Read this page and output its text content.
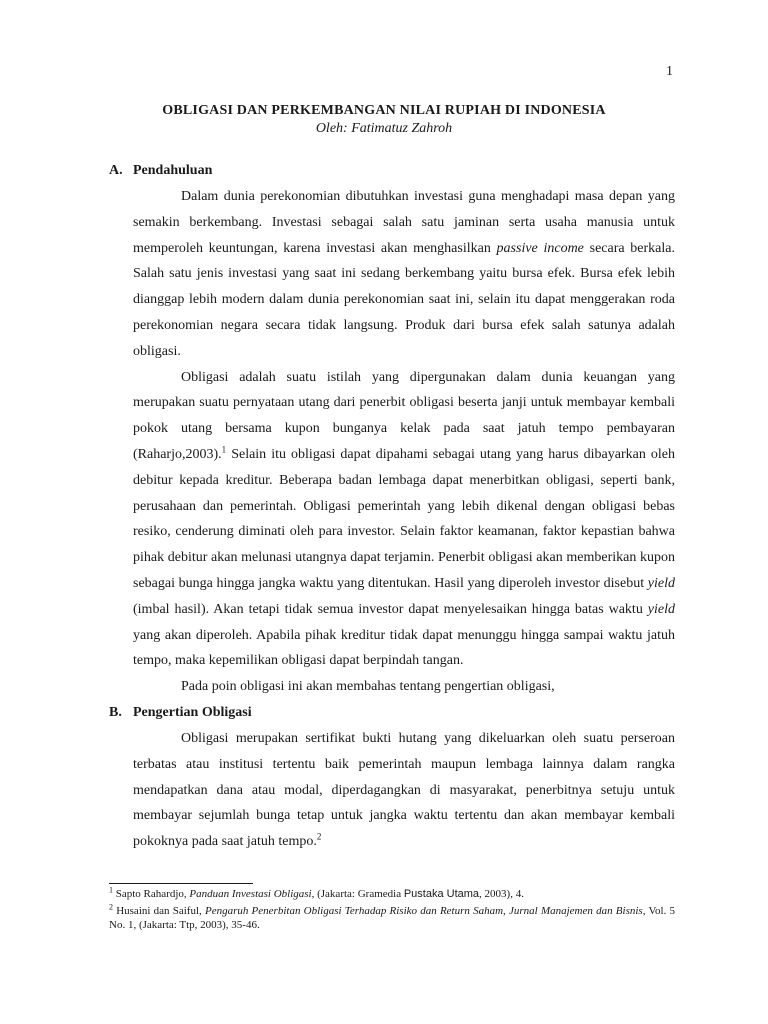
1
OBLIGASI DAN PERKEMBANGAN NILAI RUPIAH DI INDONESIA
Oleh: Fatimatuz Zahroh
A. Pendahuluan

Dalam dunia perekonomian dibutuhkan investasi guna menghadapi masa depan yang semakin berkembang. Investasi sebagai salah satu jaminan serta usaha manusia untuk memperoleh keuntungan, karena investasi akan menghasilkan passive income secara berkala. Salah satu jenis investasi yang saat ini sedang berkembang yaitu bursa efek. Bursa efek lebih dianggap lebih modern dalam dunia perekonomian saat ini, selain itu dapat menggerakan roda perekonomian negara secara tidak langsung. Produk dari bursa efek salah satunya adalah obligasi.

Obligasi adalah suatu istilah yang dipergunakan dalam dunia keuangan yang merupakan suatu pernyataan utang dari penerbit obligasi beserta janji untuk membayar kembali pokok utang bersama kupon bunganya kelak pada saat jatuh tempo pembayaran (Raharjo,2003).$^1$ Selain itu obligasi dapat dipahami sebagai utang yang harus dibayarkan oleh debitur kepada kreditur. Beberapa badan lembaga dapat menerbitkan obligasi, seperti bank, perusahaan dan pemerintah. Obligasi pemerintah yang lebih dikenal dengan obligasi bebas resiko, cenderung diminati oleh para investor. Selain faktor keamanan, faktor kepastian bahwa pihak debitur akan melunasi utangnya dapat terjamin. Penerbit obligasi akan memberikan kupon sebagai bunga hingga jangka waktu yang ditentukan. Hasil yang diperoleh investor disebut yield (imbal hasil). Akan tetapi tidak semua investor dapat menyelesaikan hingga batas waktu yield yang akan diperoleh. Apabila pihak kreditur tidak dapat menunggu hingga sampai waktu jatuh tempo, maka kepemilikan obligasi dapat berpindah tangan.

Pada poin obligasi ini akan membahas tentang pengertian obligasi,

B. Pengertian Obligasi

Obligasi merupakan sertifikat bukti hutang yang dikeluarkan oleh suatu perseroan terbatas atau institusi tertentu baik pemerintah maupun lembaga lainnya dalam rangka mendapatkan dana atau modal, diperdagangkan di masyarakat, penerbitnya setuju untuk membayar sejumlah bunga tetap untuk jangka waktu tertentu dan akan membayar kembali pokoknya pada saat jatuh tempo.$^2$

$^1$ Sapto Rahardjo, Panduan Investasi Obligasi, (Jakarta: Gramedia Pustaka Utama, 2003), 4.

$^2$ Husaini dan Saiful, Pengaruh Penerbitan Obligasi Terhadap Risiko dan Return Saham, Jurnal Manajemen dan Bisnis, Vol. 5 No. 1, (Jakarta: Ttp, 2003), 35-46.
